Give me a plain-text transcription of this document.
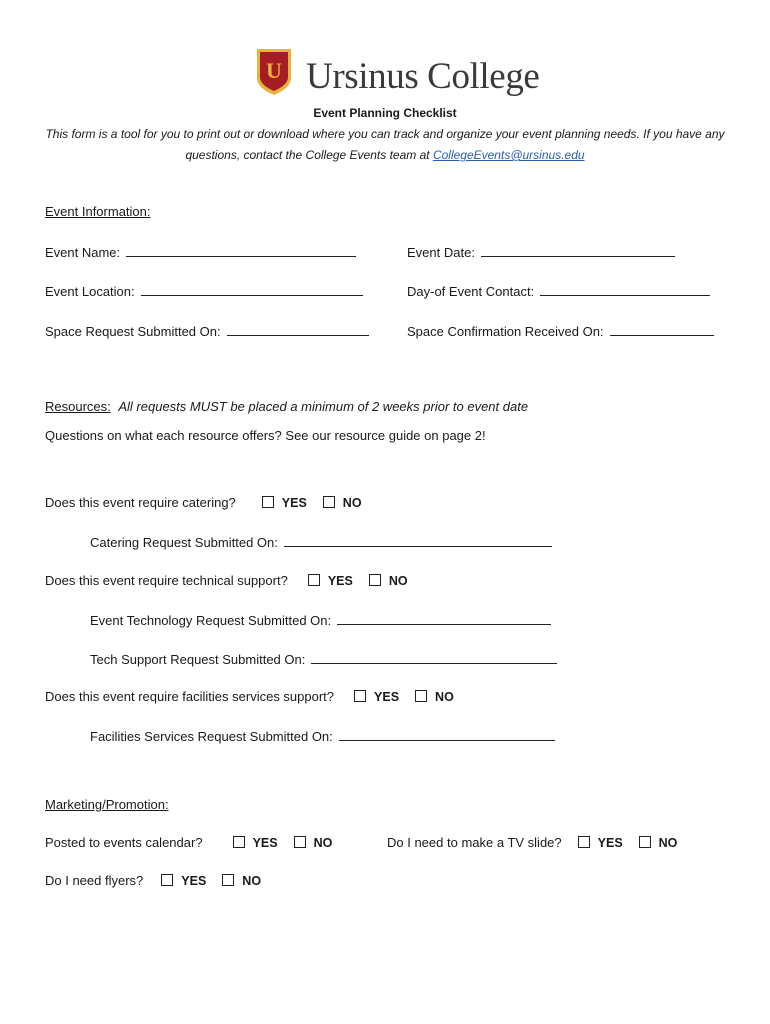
U Ursinus College
Event Planning Checklist
This form is a tool for you to print out or download where you can track and organize your event planning needs. If you have any questions, contact the College Events team at CollegeEvents@ursinus.edu
Event Information:
Event Name:	Event Date:
Event Location:	Day-of Event Contact:
Space Request Submitted On:	Space Confirmation Received On:
Resources: All requests MUST be placed a minimum of 2 weeks prior to event date
Questions on what each resource offers? See our resource guide on page 2!
Does this event require catering?	YES	NO
Catering Request Submitted On:
Does this event require technical support?	YES	NO
Event Technology Request Submitted On:
Tech Support Request Submitted On:
Does this event require facilities services support?	YES	NO
Facilities Services Request Submitted On:
Marketing/Promotion:
Posted to events calendar?	YES	NO	Do I need to make a TV slide?	YES	NO
Do I need flyers?	YES	NO
